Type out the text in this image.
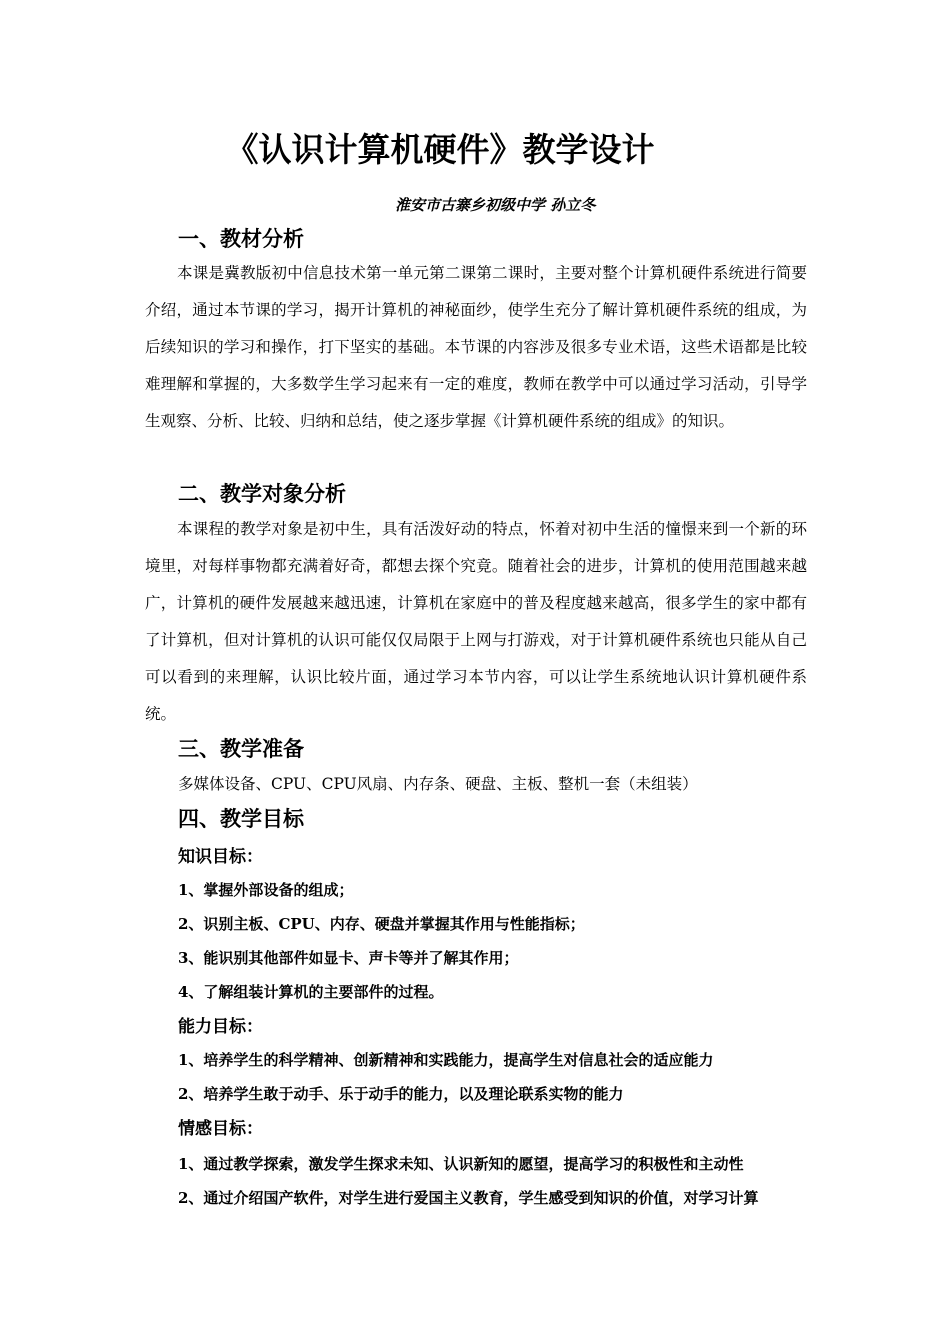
《认识计算机硬件》教学设计

淮安市古寨乡初级中学 孙立冬

一、教材分析

本课是冀教版初中信息技术第一单元第二课第二课时，主要对整个计算机硬件系统进行简要介绍，通过本节课的学习，揭开计算机的神秘面纱，使学生充分了解计算机硬件系统的组成，为后续知识的学习和操作，打下坚实的基础。本节课的内容涉及很多专业术语，这些术语都是比较难理解和掌握的，大多数学生学习起来有一定的难度，教师在教学中可以通过学习活动，引导学生观察、分析、比较、归纳和总结，使之逐步掌握《计算机硬件系统的组成》的知识。

二、教学对象分析

本课程的教学对象是初中生，具有活泼好动的特点，怀着对初中生活的憧憬来到一个新的环境里，对每样事物都充满着好奇，都想去探个究竟。随着社会的进步，计算机的使用范围越来越广，计算机的硬件发展越来越迅速，计算机在家庭中的普及程度越来越高，很多学生的家中都有了计算机，但对计算机的认识可能仅仅局限于上网与打游戏，对于计算机硬件系统也只能从自己可以看到的来理解，认识比较片面，通过学习本节内容，可以让学生系统地认识计算机硬件系统。

三、教学准备

多媒体设备、CPU、CPU风扇、内存条、硬盘、主板、整机一套（未组装）

四、教学目标

知识目标：

1、掌握外部设备的组成；

2、识别主板、CPU、内存、硬盘并掌握其作用与性能指标；

3、能识别其他部件如显卡、声卡等并了解其作用；

4、了解组装计算机的主要部件的过程。

能力目标：

1、培养学生的科学精神、创新精神和实践能力，提高学生对信息社会的适应能力

2、培养学生敢于动手、乐于动手的能力，以及理论联系实物的能力

情感目标：

1、通过教学探索，激发学生探求未知、认识新知的愿望，提高学习的积极性和主动性

2、通过介绍国产软件，对学生进行爱国主义教育，学生感受到知识的价值，对学习计算
